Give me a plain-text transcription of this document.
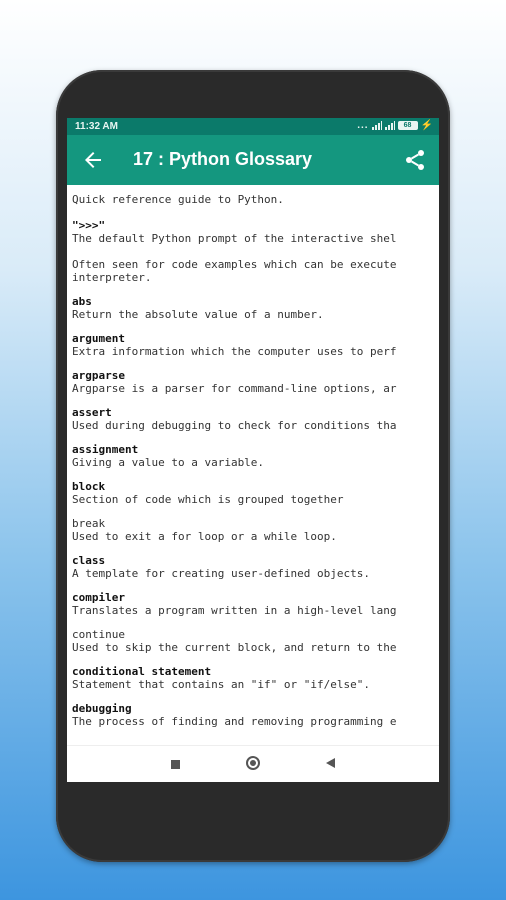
11:32 AM	...	68 ⚡
17 : Python Glossary
Quick reference guide to Python.
">>>"
The default Python prompt of the interactive shel
Often seen for code examples which can be execute
interpreter.
abs
Return the absolute value of a number.
argument
Extra information which the computer uses to perf
argparse
Argparse is a parser for command-line options, ar
assert
Used during debugging to check for conditions tha
assignment
Giving a value to a variable.
block
Section of code which is grouped together
break
Used to exit a for loop or a while loop.
class
A template for creating user-defined objects.
compiler
Translates a program written in a high-level lang
continue
Used to skip the current block, and return to the
conditional statement
Statement that contains an "if" or "if/else".
debugging
The process of finding and removing programming e
